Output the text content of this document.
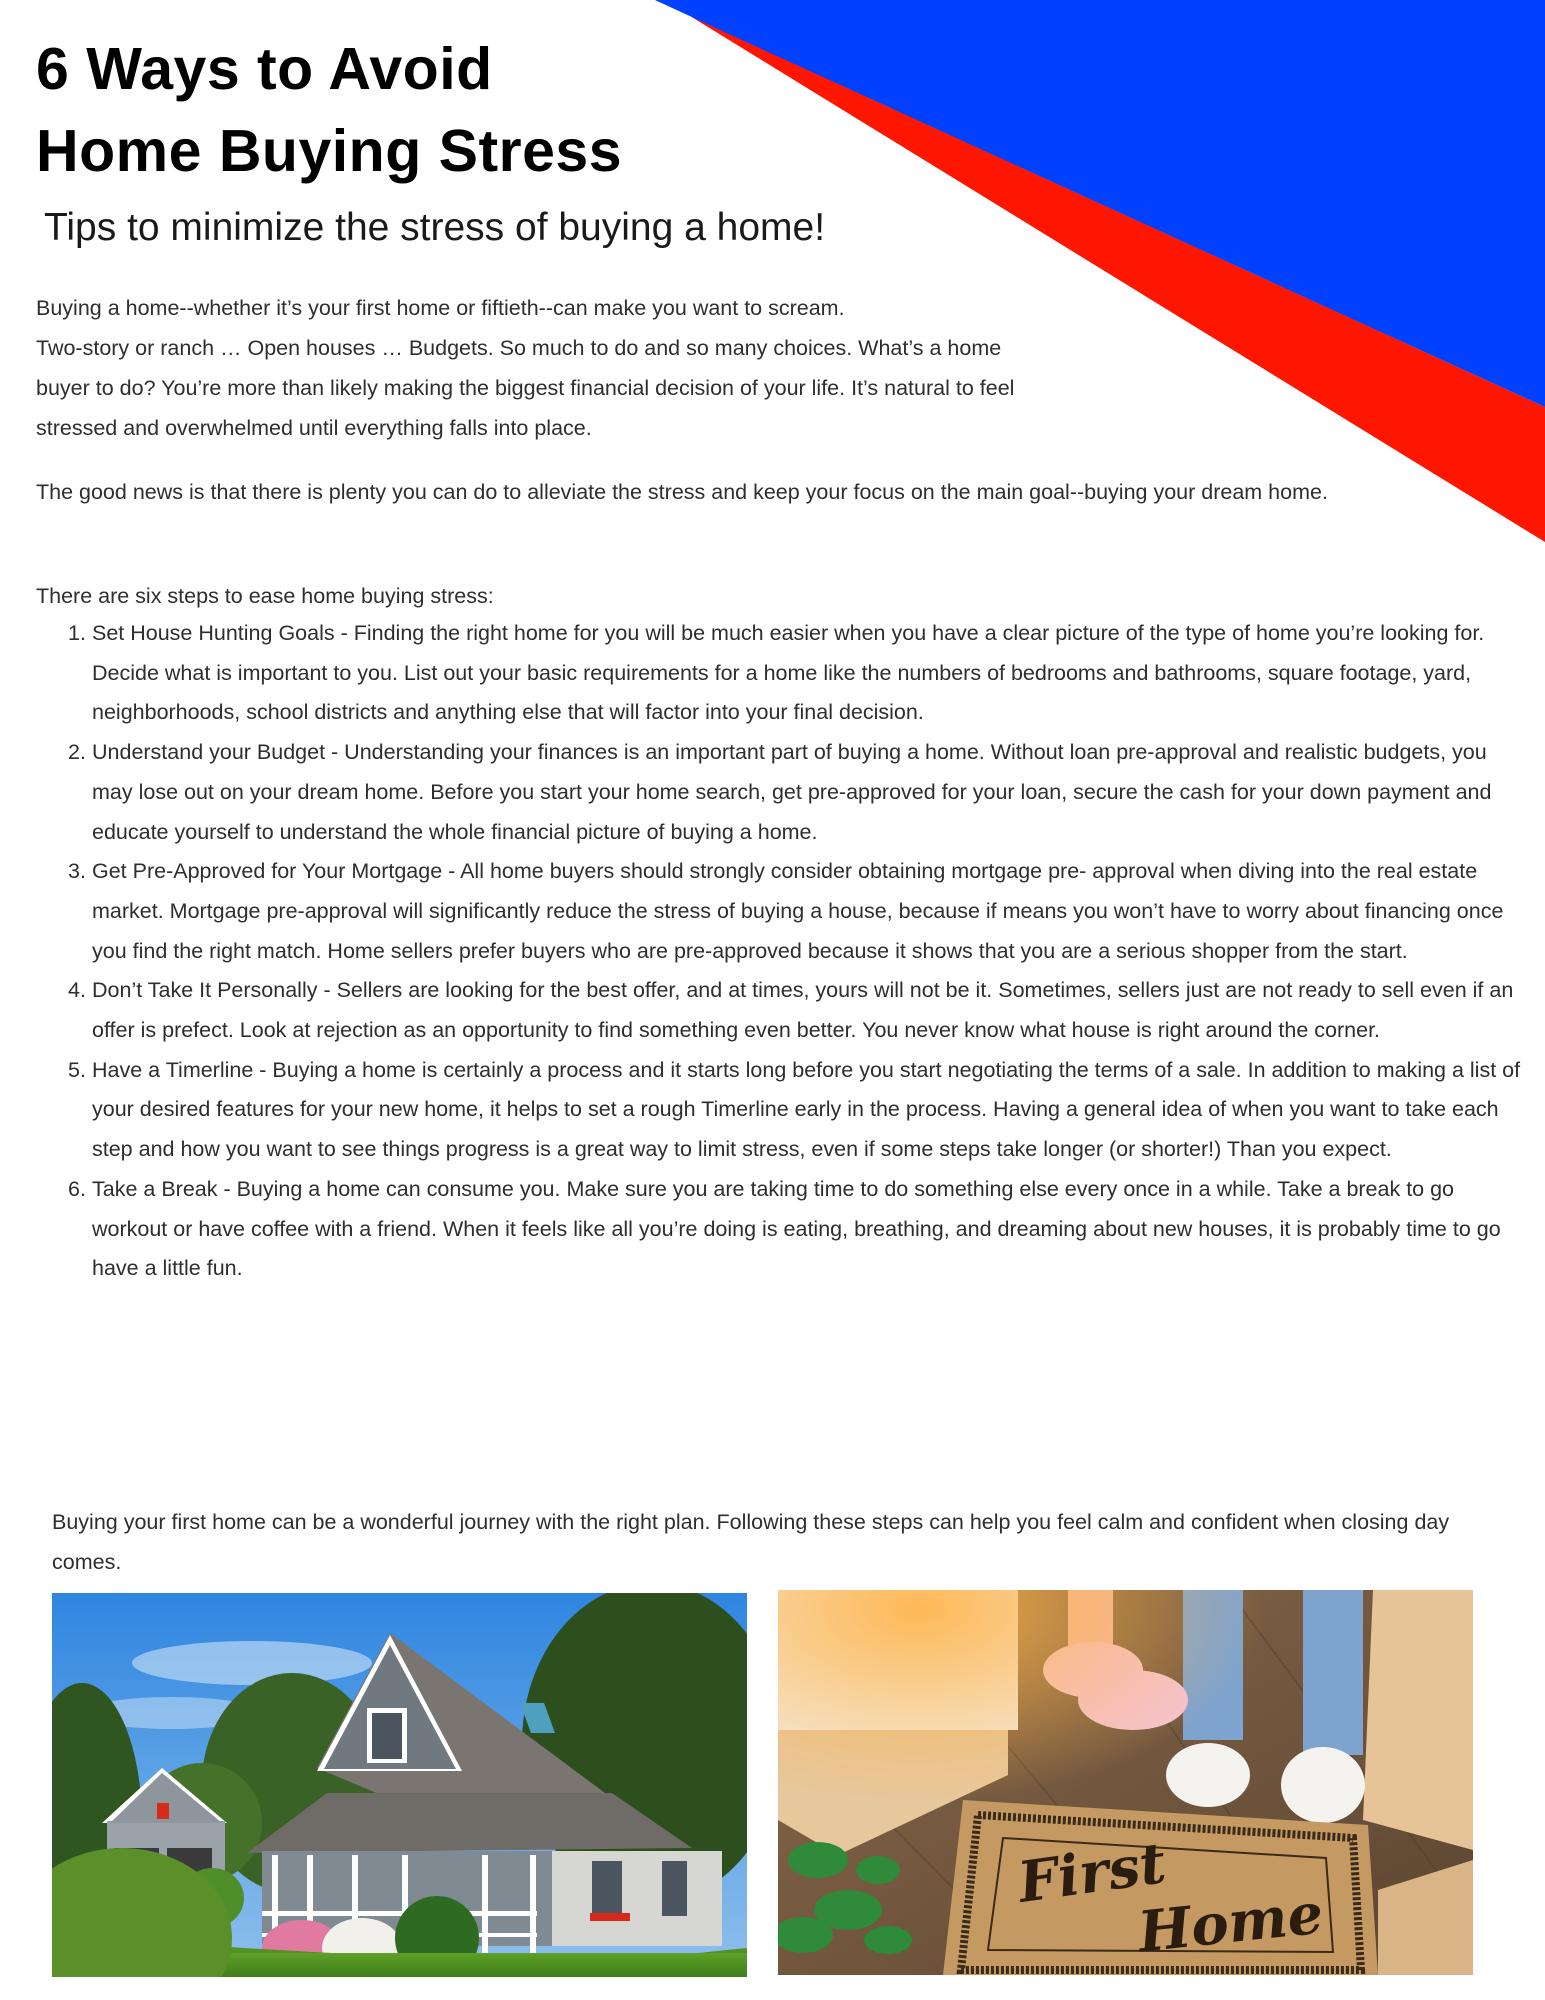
6 Ways to Avoid
Home Buying Stress
Tips to minimize the stress of buying a home!

Buying a home--whether it’s your first home or fiftieth--can make you want to scream.
Two-story or ranch … Open houses … Budgets. So much to do and so many choices. What’s a home
buyer to do? You’re more than likely making the biggest financial decision of your life. It’s natural to feel
stressed and overwhelmed until everything falls into place.

The good news is that there is plenty you can do to alleviate the stress and keep your focus on the main goal--buying your dream home.

There are six steps to ease home buying stress:

1. Set House Hunting Goals - Finding the right home for you will be much easier when you have a clear picture of the type of home you’re looking for. Decide what is important to you. List out your basic requirements for a home like the numbers of bedrooms and bathrooms, square footage, yard, neighborhoods, school districts and anything else that will factor into your final decision.
2. Understand your Budget - Understanding your finances is an important part of buying a home. Without loan pre-approval and realistic budgets, you may lose out on your dream home. Before you start your home search, get pre-approved for your loan, secure the cash for your down payment and educate yourself to understand the whole financial picture of buying a home.
3. Get Pre-Approved for Your Mortgage - All home buyers should strongly consider obtaining mortgage pre- approval when diving into the real estate market. Mortgage pre-approval will significantly reduce the stress of buying a house, because if means you won’t have to worry about financing once you find the right match. Home sellers prefer buyers who are pre-approved because it shows that you are a serious shopper from the start.
4. Don’t Take It Personally - Sellers are looking for the best offer, and at times, yours will not be it. Sometimes, sellers just are not ready to sell even if an offer is prefect. Look at rejection as an opportunity to find something even better. You never know what house is right around the corner.
5. Have a Timerline - Buying a home is certainly a process and it starts long before you start negotiating the terms of a sale. In addition to making a list of your desired features for your new home, it helps to set a rough Timerline early in the process. Having a general idea of when you want to take each step and how you want to see things progress is a great way to limit stress, even if some steps take longer (or shorter!) Than you expect.
6. Take a Break - Buying a home can consume you. Make sure you are taking time to do something else every once in a while. Take a break to go workout or have coffee with a friend. When it feels like all you’re doing is eating, breathing, and dreaming about new houses, it is probably time to go have a little fun.

Buying your first home can be a wonderful journey with the right plan. Following these steps can help you feel calm and confident when closing day comes.

First
Home
